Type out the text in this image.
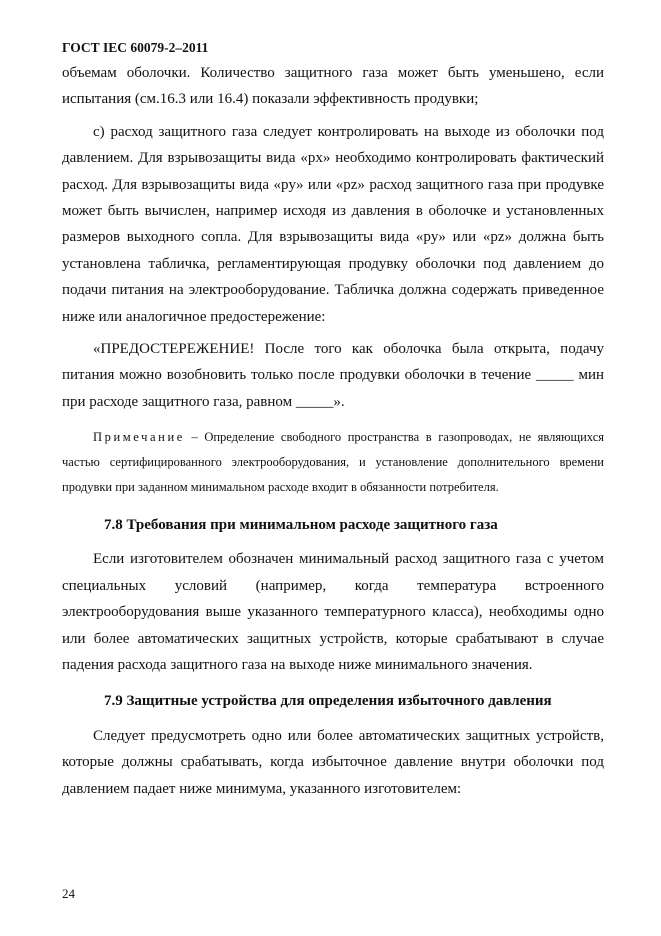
ГОСТ IEC 60079-2–2011

объемам оболочки. Количество защитного газа может быть уменьшено, если испытания (см.16.3 или 16.4) показали эффективность продувки;

с) расход защитного газа следует контролировать на выходе из оболочки под давлением. Для взрывозащиты вида «px» необходимо контролировать фактический расход. Для взрывозащиты вида «py» или «pz» расход защитного газа при продувке может быть вычислен, например исходя из давления в оболочке и установленных размеров выходного сопла. Для взрывозащиты вида «py» или «pz» должна быть установлена табличка, регламентирующая продувку оболочки под давлением до подачи питания на электрооборудование. Табличка должна содержать приведенное ниже или аналогичное предостережение:

«ПРЕДОСТЕРЕЖЕНИЕ! После того как оболочка была открыта, подачу питания можно возобновить только после продувки оболочки в течение _____ мин при расходе защитного газа, равном _____».

Примечание – Определение свободного пространства в газопроводах, не являющихся частью сертифицированного электрооборудования, и установление дополнительного времени продувки при заданном минимальном расходе входит в обязанности потребителя.

7.8 Требования при минимальном расходе защитного газа

Если изготовителем обозначен минимальный расход защитного газа с учетом специальных условий (например, когда температура встроенного электрооборудования выше указанного температурного класса), необходимы одно или более автоматических защитных устройств, которые срабатывают в случае падения расхода защитного газа на выходе ниже минимального значения.

7.9 Защитные устройства для определения избыточного давления

Следует предусмотреть одно или более автоматических защитных устройств, которые должны срабатывать, когда избыточное давление внутри оболочки под давлением падает ниже минимума, указанного изготовителем:

24
